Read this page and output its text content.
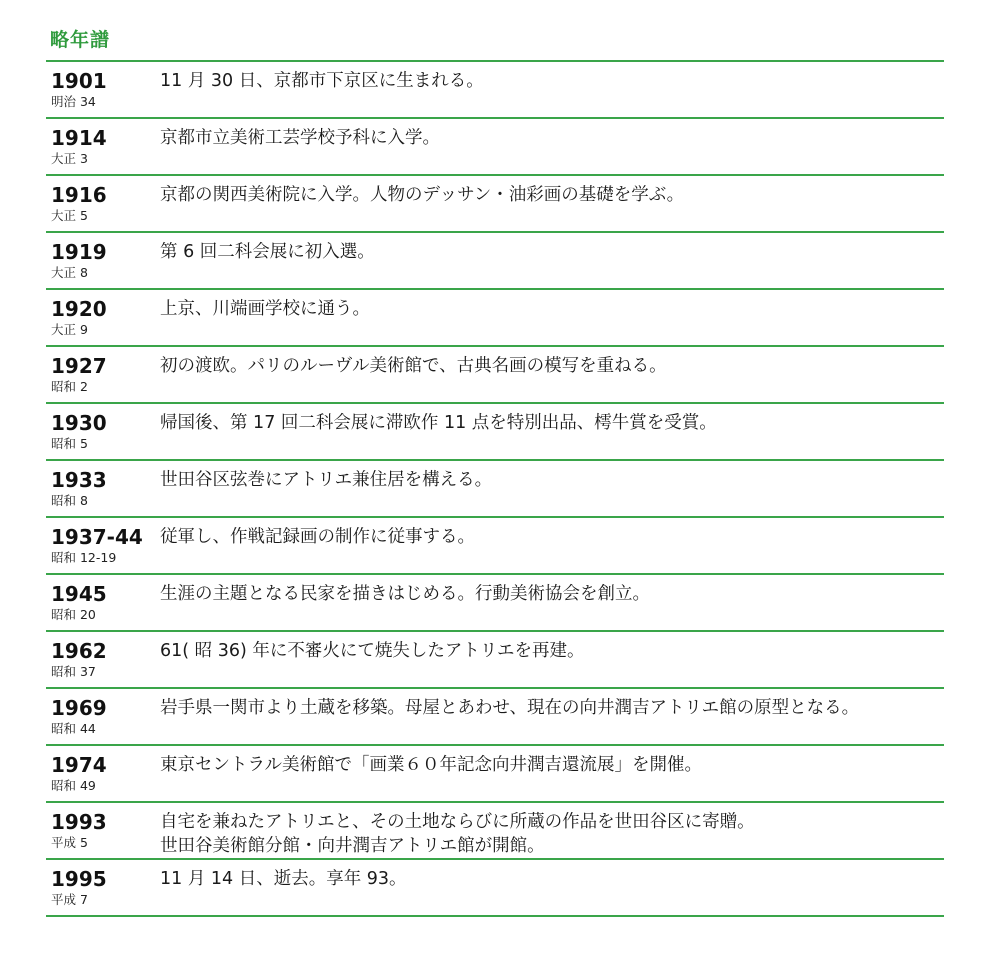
略年譜
1901
明治 34
11 月 30 日、京都市下京区に生まれる。
1914
大正 3
京都市立美術工芸学校予科に入学。
1916
大正 5
京都の関西美術院に入学。人物のデッサン・油彩画の基礎を学ぶ。
1919
大正 8
第 6 回二科会展に初入選。
1920
大正 9
上京、川端画学校に通う。
1927
昭和 2
初の渡欧。パリのルーヴル美術館で、古典名画の模写を重ねる。
1930
昭和 5
帰国後、第 17 回二科会展に滞欧作 11 点を特別出品、樗牛賞を受賞。
1933
昭和 8
世田谷区弦巻にアトリエ兼住居を構える。
1937-44
昭和 12-19
従軍し、作戦記録画の制作に従事する。
1945
昭和 20
生涯の主題となる民家を描きはじめる。行動美術協会を創立。
1962
昭和 37
61( 昭 36) 年に不審火にて焼失したアトリエを再建。
1969
昭和 44
岩手県一関市より土蔵を移築。母屋とあわせ、現在の向井潤吉アトリエ館の原型となる。
1974
昭和 49
東京セントラル美術館で「画業６０年記念向井潤吉還流展」を開催。
1993
平成 5
自宅を兼ねたアトリエと、その土地ならびに所蔵の作品を世田谷区に寄贈。
世田谷美術館分館・向井潤吉アトリエ館が開館。
1995
平成 7
11 月 14 日、逝去。享年 93。
